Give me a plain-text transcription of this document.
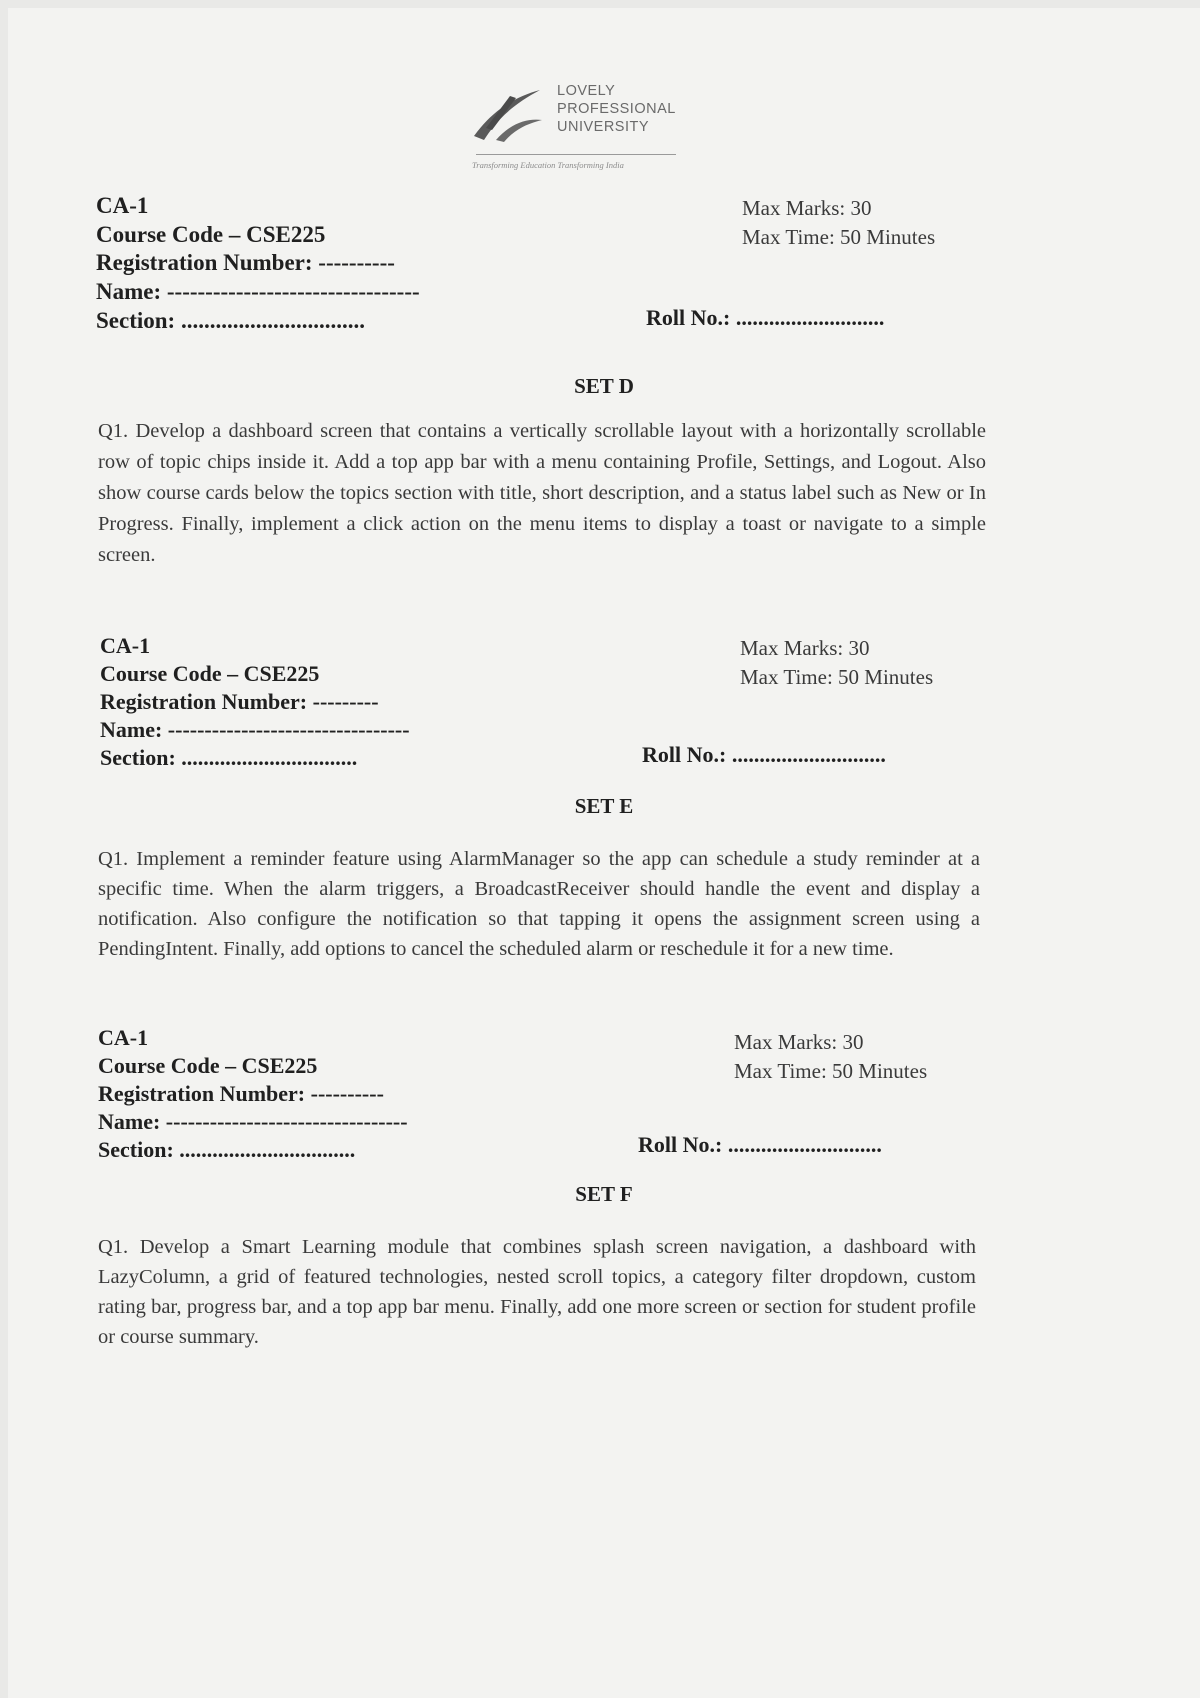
LOVELY
PROFESSIONAL
UNIVERSITY
Transforming Education Transforming India
CA-1
Course Code – CSE225
Registration Number: ----------
Name: ---------------------------------
Section: ................................
Max Marks: 30
Max Time: 50 Minutes
Roll No.: ...........................
SET D
Q1. Develop a dashboard screen that contains a vertically scrollable layout with a horizontally scrollable row of topic chips inside it. Add a top app bar with a menu containing Profile, Settings, and Logout. Also show course cards below the topics section with title, short description, and a status label such as New or In Progress. Finally, implement a click action on the menu items to display a toast or navigate to a simple screen.
CA-1
Course Code – CSE225
Registration Number: ---------
Name: ---------------------------------
Section: ................................
Max Marks: 30
Max Time: 50 Minutes
Roll No.: ............................
SET E
Q1. Implement a reminder feature using AlarmManager so the app can schedule a study reminder at a specific time. When the alarm triggers, a BroadcastReceiver should handle the event and display a notification. Also configure the notification so that tapping it opens the assignment screen using a PendingIntent. Finally, add options to cancel the scheduled alarm or reschedule it for a new time.
CA-1
Course Code – CSE225
Registration Number: ----------
Name: ---------------------------------
Section: ................................
Max Marks: 30
Max Time: 50 Minutes
Roll No.: ............................
SET F
Q1. Develop a Smart Learning module that combines splash screen navigation, a dashboard with LazyColumn, a grid of featured technologies, nested scroll topics, a category filter dropdown, custom rating bar, progress bar, and a top app bar menu. Finally, add one more screen or section for student profile or course summary.
